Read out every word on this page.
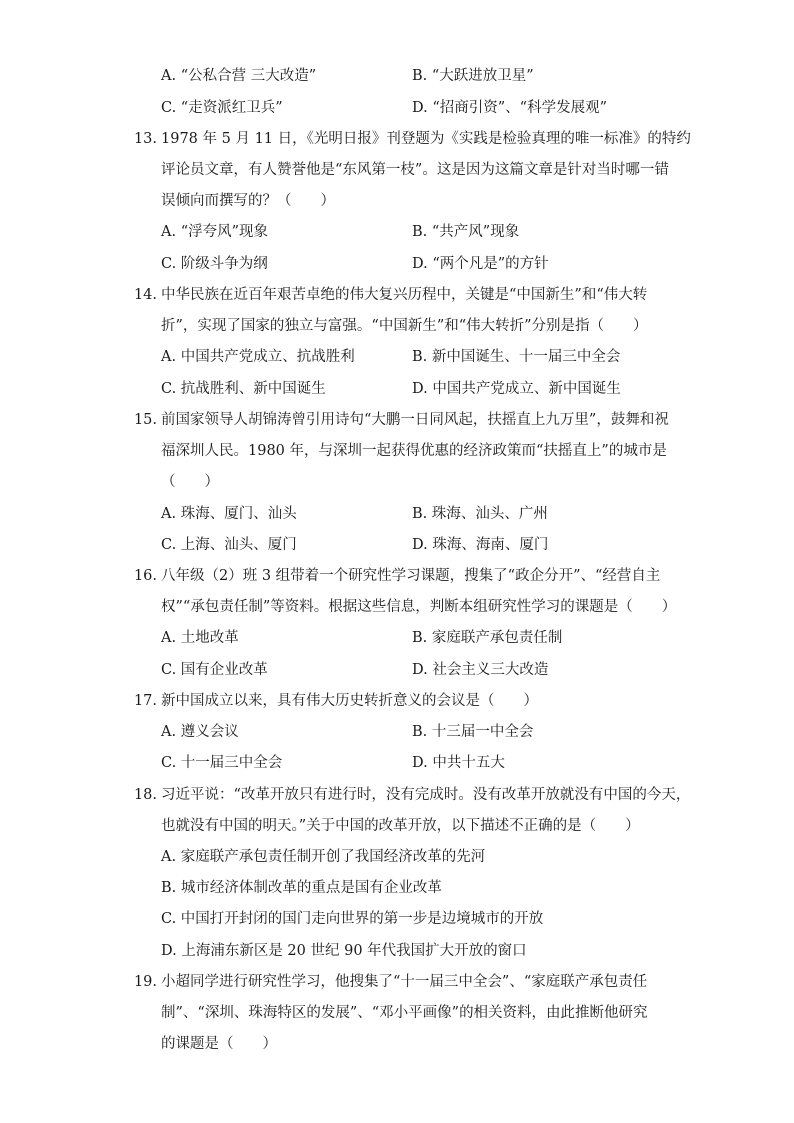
A. “公私合营 三大改造”	B. “大跃进放卫星”
C. “走资派红卫兵”	D. “招商引资”、“科学发展观”
13. 1978 年 5 月 11 日，《光明日报》刊登题为《实践是检验真理的唯一标准》的特约
评论员文章，有人赞誉他是“东风第一枝”。这是因为这篇文章是针对当时哪一错
误倾向而撰写的？（　　）
A. “浮夸风”现象	B. “共产风”现象
C. 阶级斗争为纲	D. “两个凡是”的方针
14. 中华民族在近百年艰苦卓绝的伟大复兴历程中，关键是“中国新生”和“伟大转
折”，实现了国家的独立与富强。“中国新生”和“伟大转折”分别是指（　　）
A. 中国共产党成立、抗战胜利	B. 新中国诞生、十一届三中全会
C. 抗战胜利、新中国诞生	D. 中国共产党成立、新中国诞生
15. 前国家领导人胡锦涛曾引用诗句“大鹏一日同风起，扶摇直上九万里”，鼓舞和祝
福深圳人民。1980 年，与深圳一起获得优惠的经济政策而“扶摇直上”的城市是
（　　）
A. 珠海、厦门、汕头	B. 珠海、汕头、广州
C. 上海、汕头、厦门	D. 珠海、海南、厦门
16. 八年级（2）班 3 组带着一个研究性学习课题，搜集了“政企分开”、“经营自主
权”“承包责任制”等资料。根据这些信息，判断本组研究性学习的课题是（　　）
A. 土地改革	B. 家庭联产承包责任制
C. 国有企业改革	D. 社会主义三大改造
17. 新中国成立以来，具有伟大历史转折意义的会议是（　　）
A. 遵义会议	B. 十三届一中全会
C. 十一届三中全会	D. 中共十五大
18. 习近平说：“改革开放只有进行时，没有完成时。没有改革开放就没有中国的今天，
也就没有中国的明天。”关于中国的改革开放，以下描述不正确的是（　　）
A. 家庭联产承包责任制开创了我国经济改革的先河
B. 城市经济体制改革的重点是国有企业改革
C. 中国打开封闭的国门走向世界的第一步是边境城市的开放
D. 上海浦东新区是 20 世纪 90 年代我国扩大开放的窗口
19. 小超同学进行研究性学习，他搜集了“十一届三中全会”、“家庭联产承包责任
制”、“深圳、珠海特区的发展”、“邓小平画像”的相关资料，由此推断他研究
的课题是（　　）
